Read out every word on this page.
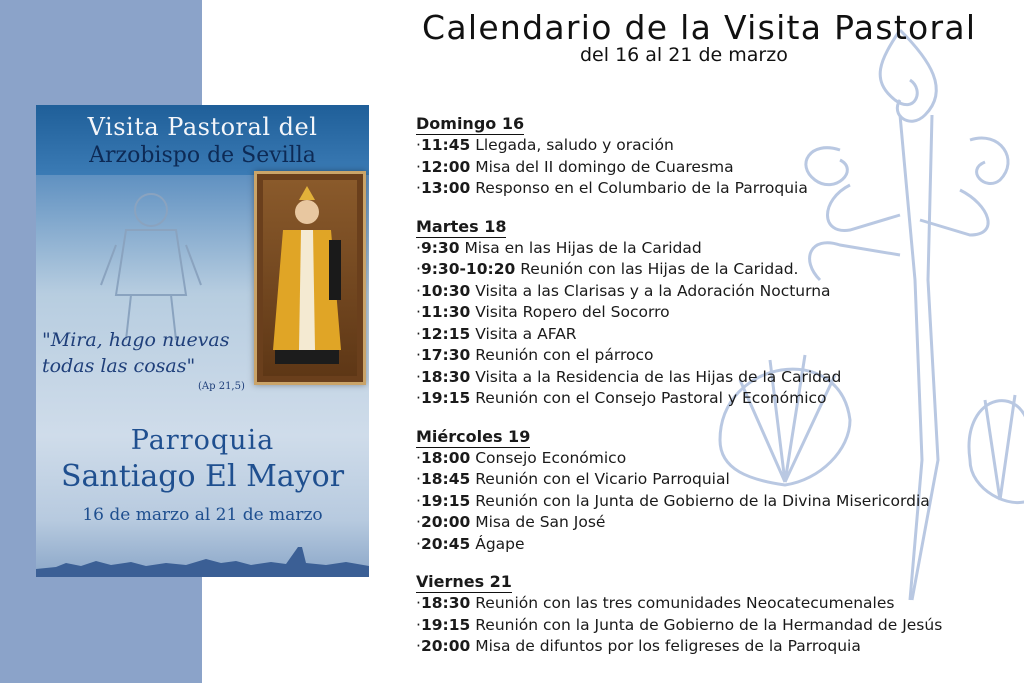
Visita Pastoral del
Arzobispo de Sevilla
"Mira, hago nuevas
todas las cosas"
(Ap 21,5)
Parroquia
Santiago El Mayor
16 de marzo al 21 de marzo
Calendario de la Visita Pastoral
del 16 al 21 de marzo
Domingo 16
·11:45 Llegada, saludo y oración
·12:00 Misa del II domingo de Cuaresma
·13:00 Responso en el Columbario de la Parroquia
Martes 18
·9:30 Misa en las Hijas de la Caridad
·9:30-10:20 Reunión con las Hijas de la Caridad.
·10:30 Visita a las Clarisas y a la Adoración Nocturna
·11:30 Visita Ropero del Socorro
·12:15 Visita a AFAR
·17:30 Reunión con el párroco
·18:30 Visita a la Residencia de las Hijas de la Caridad
·19:15 Reunión con el Consejo Pastoral y Económico
Miércoles 19
·18:00 Consejo Económico
·18:45 Reunión con el Vicario Parroquial
·19:15 Reunión con la Junta de Gobierno de la Divina Misericordia
·20:00 Misa de San José
·20:45 Ágape
Viernes 21
·18:30 Reunión con las tres comunidades Neocatecumenales
·19:15 Reunión con la Junta de Gobierno de la Hermandad de Jesús
·20:00 Misa de difuntos por los feligreses de la Parroquia
